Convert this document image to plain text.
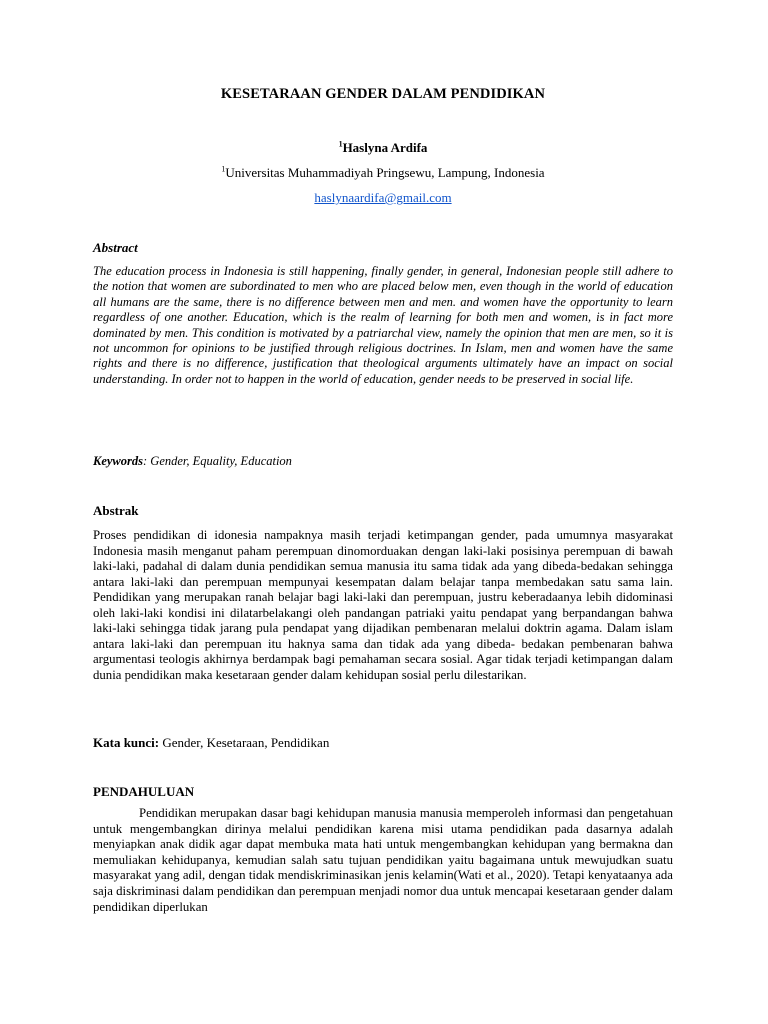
KESETARAAN GENDER DALAM PENDIDIKAN
$^1$Haslyna Ardifa
$^1$Universitas Muhammadiyah Pringsewu, Lampung, Indonesia
haslynaardifa@gmail.com
Abstract

The education process in Indonesia is still happening, finally gender, in general, Indonesian people still adhere to the notion that women are subordinated to men who are placed below men, even though in the world of education all humans are the same, there is no difference between men and men. and women have the opportunity to learn regardless of one another. Education, which is the realm of learning for both men and women, is in fact more dominated by men. This condition is motivated by a patriarchal view, namely the opinion that men are men, so it is not uncommon for opinions to be justified through religious doctrines. In Islam, men and women have the same rights and there is no difference, justification that theological arguments ultimately have an impact on social understanding. In order not to happen in the world of education, gender needs to be preserved in social life.

Keywords: Gender, Equality, Education
Abstrak

Proses pendidikan di idonesia nampaknya masih terjadi ketimpangan gender, pada umumnya masyarakat Indonesia masih menganut paham perempuan dinomorduakan dengan laki-laki posisinya perempuan di bawah laki-laki, padahal di dalam dunia pendidikan semua manusia itu sama tidak ada yang dibeda-bedakan sehingga antara laki-laki dan perempuan mempunyai kesempatan dalam belajar tanpa membedakan satu sama lain. Pendidikan yang merupakan ranah belajar bagi laki-laki dan perempuan, justru keberadaanya lebih didominasi oleh laki-laki kondisi ini dilatarbelakangi oleh pandangan patriaki yaitu pendapat yang berpandangan bahwa laki-laki sehingga tidak jarang pula pendapat yang dijadikan pembenaran melalui doktrin agama. Dalam islam antara laki-laki dan perempuan itu haknya sama dan tidak ada yang dibeda- bedakan pembenaran bahwa argumentasi teologis akhirnya berdampak bagi pemahaman secara sosial. Agar tidak terjadi ketimpangan dalam dunia pendidikan maka kesetaraan gender dalam kehidupan sosial perlu dilestarikan.

Kata kunci: Gender, Kesetaraan, Pendidikan
PENDAHULUAN

Pendidikan merupakan dasar bagi kehidupan manusia manusia memperoleh informasi dan pengetahuan untuk mengembangkan dirinya melalui pendidikan karena misi utama pendidikan pada dasarnya adalah menyiapkan anak didik agar dapat membuka mata hati untuk mengembangkan kehidupan yang bermakna dan memuliakan kehidupanya, kemudian salah satu tujuan pendidikan yaitu bagaimana untuk mewujudkan suatu masyarakat yang adil, dengan tidak mendiskriminasikan jenis kelamin(Wati et al., 2020). Tetapi kenyataanya ada saja diskriminasi dalam pendidikan dan perempuan menjadi nomor dua untuk mencapai kesetaraan gender dalam pendidikan diperlukan
